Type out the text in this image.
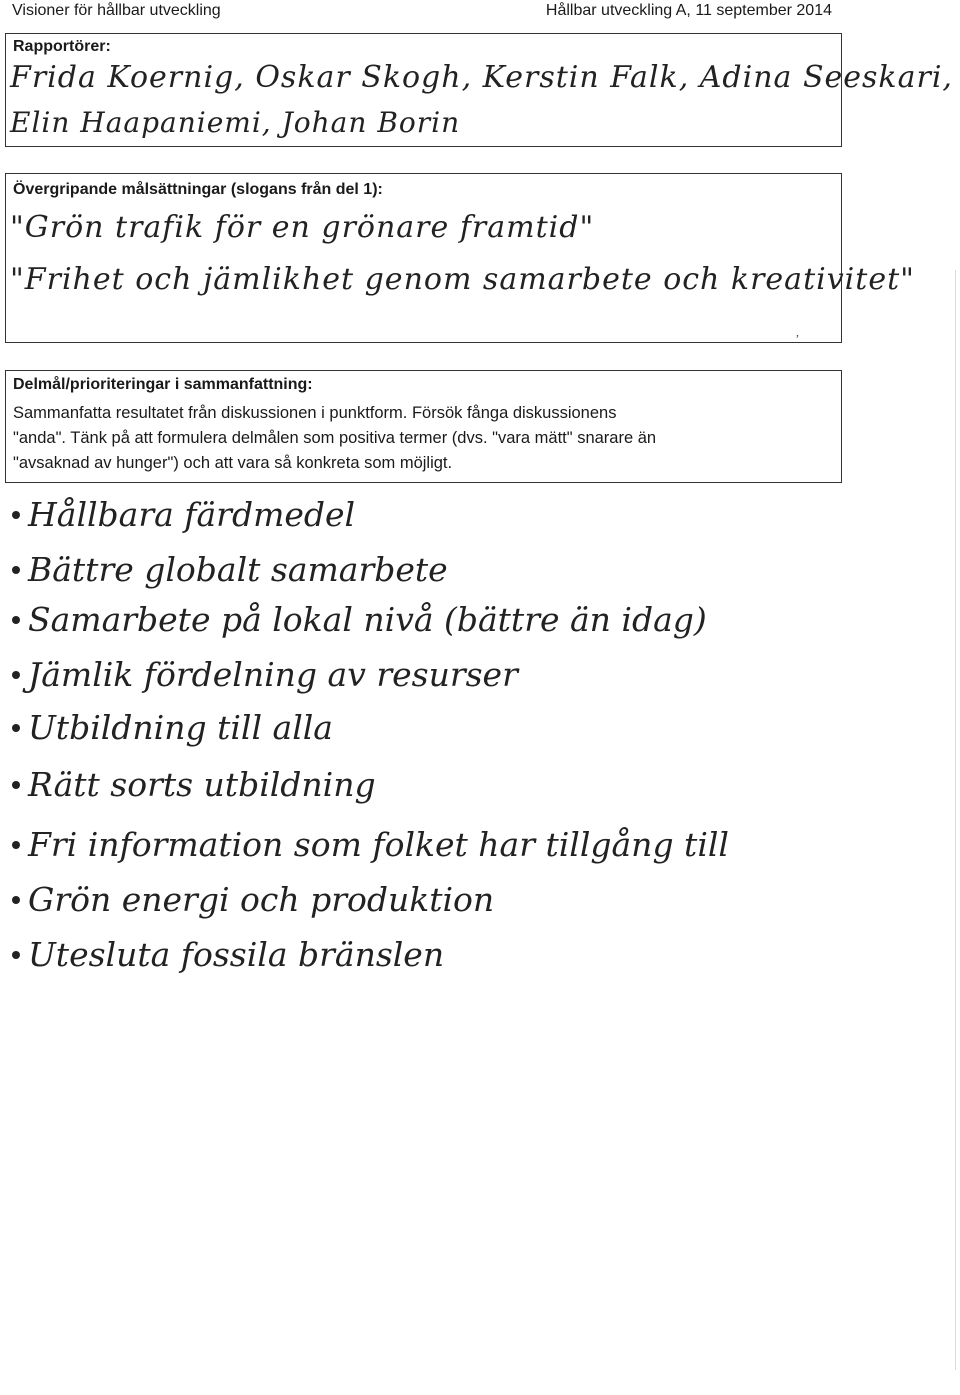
Visioner för hållbar utveckling	Hållbar utveckling A, 11 september 2014
Rapportörer:
Frida Koernig, Oskar Skogh, Kerstin Falk, Adina Seeskari,
Elin Haapaniemi, Johan Borin
Övergripande målsättningar (slogans från del 1):
"Grön trafik för en grönare framtid"
"Frihet och jämlikhet genom samarbete och kreativitet"
Delmål/prioriteringar i sammanfattning:
Sammanfatta resultatet från diskussionen i punktform. Försök fånga diskussionens
"anda". Tänk på att formulera delmålen som positiva termer (dvs. "vara mätt" snarare än
"avsaknad av hunger") och att vara så konkreta som möjligt.
Hållbara färdmedel
Bättre globalt samarbete
Samarbete på lokal nivå (bättre än idag)
Jämlik fördelning av resurser
Utbildning till alla
Rätt sorts utbildning
Fri information som folket har tillgång till
Grön energi och produktion
Utesluta fossila bränslen
,
